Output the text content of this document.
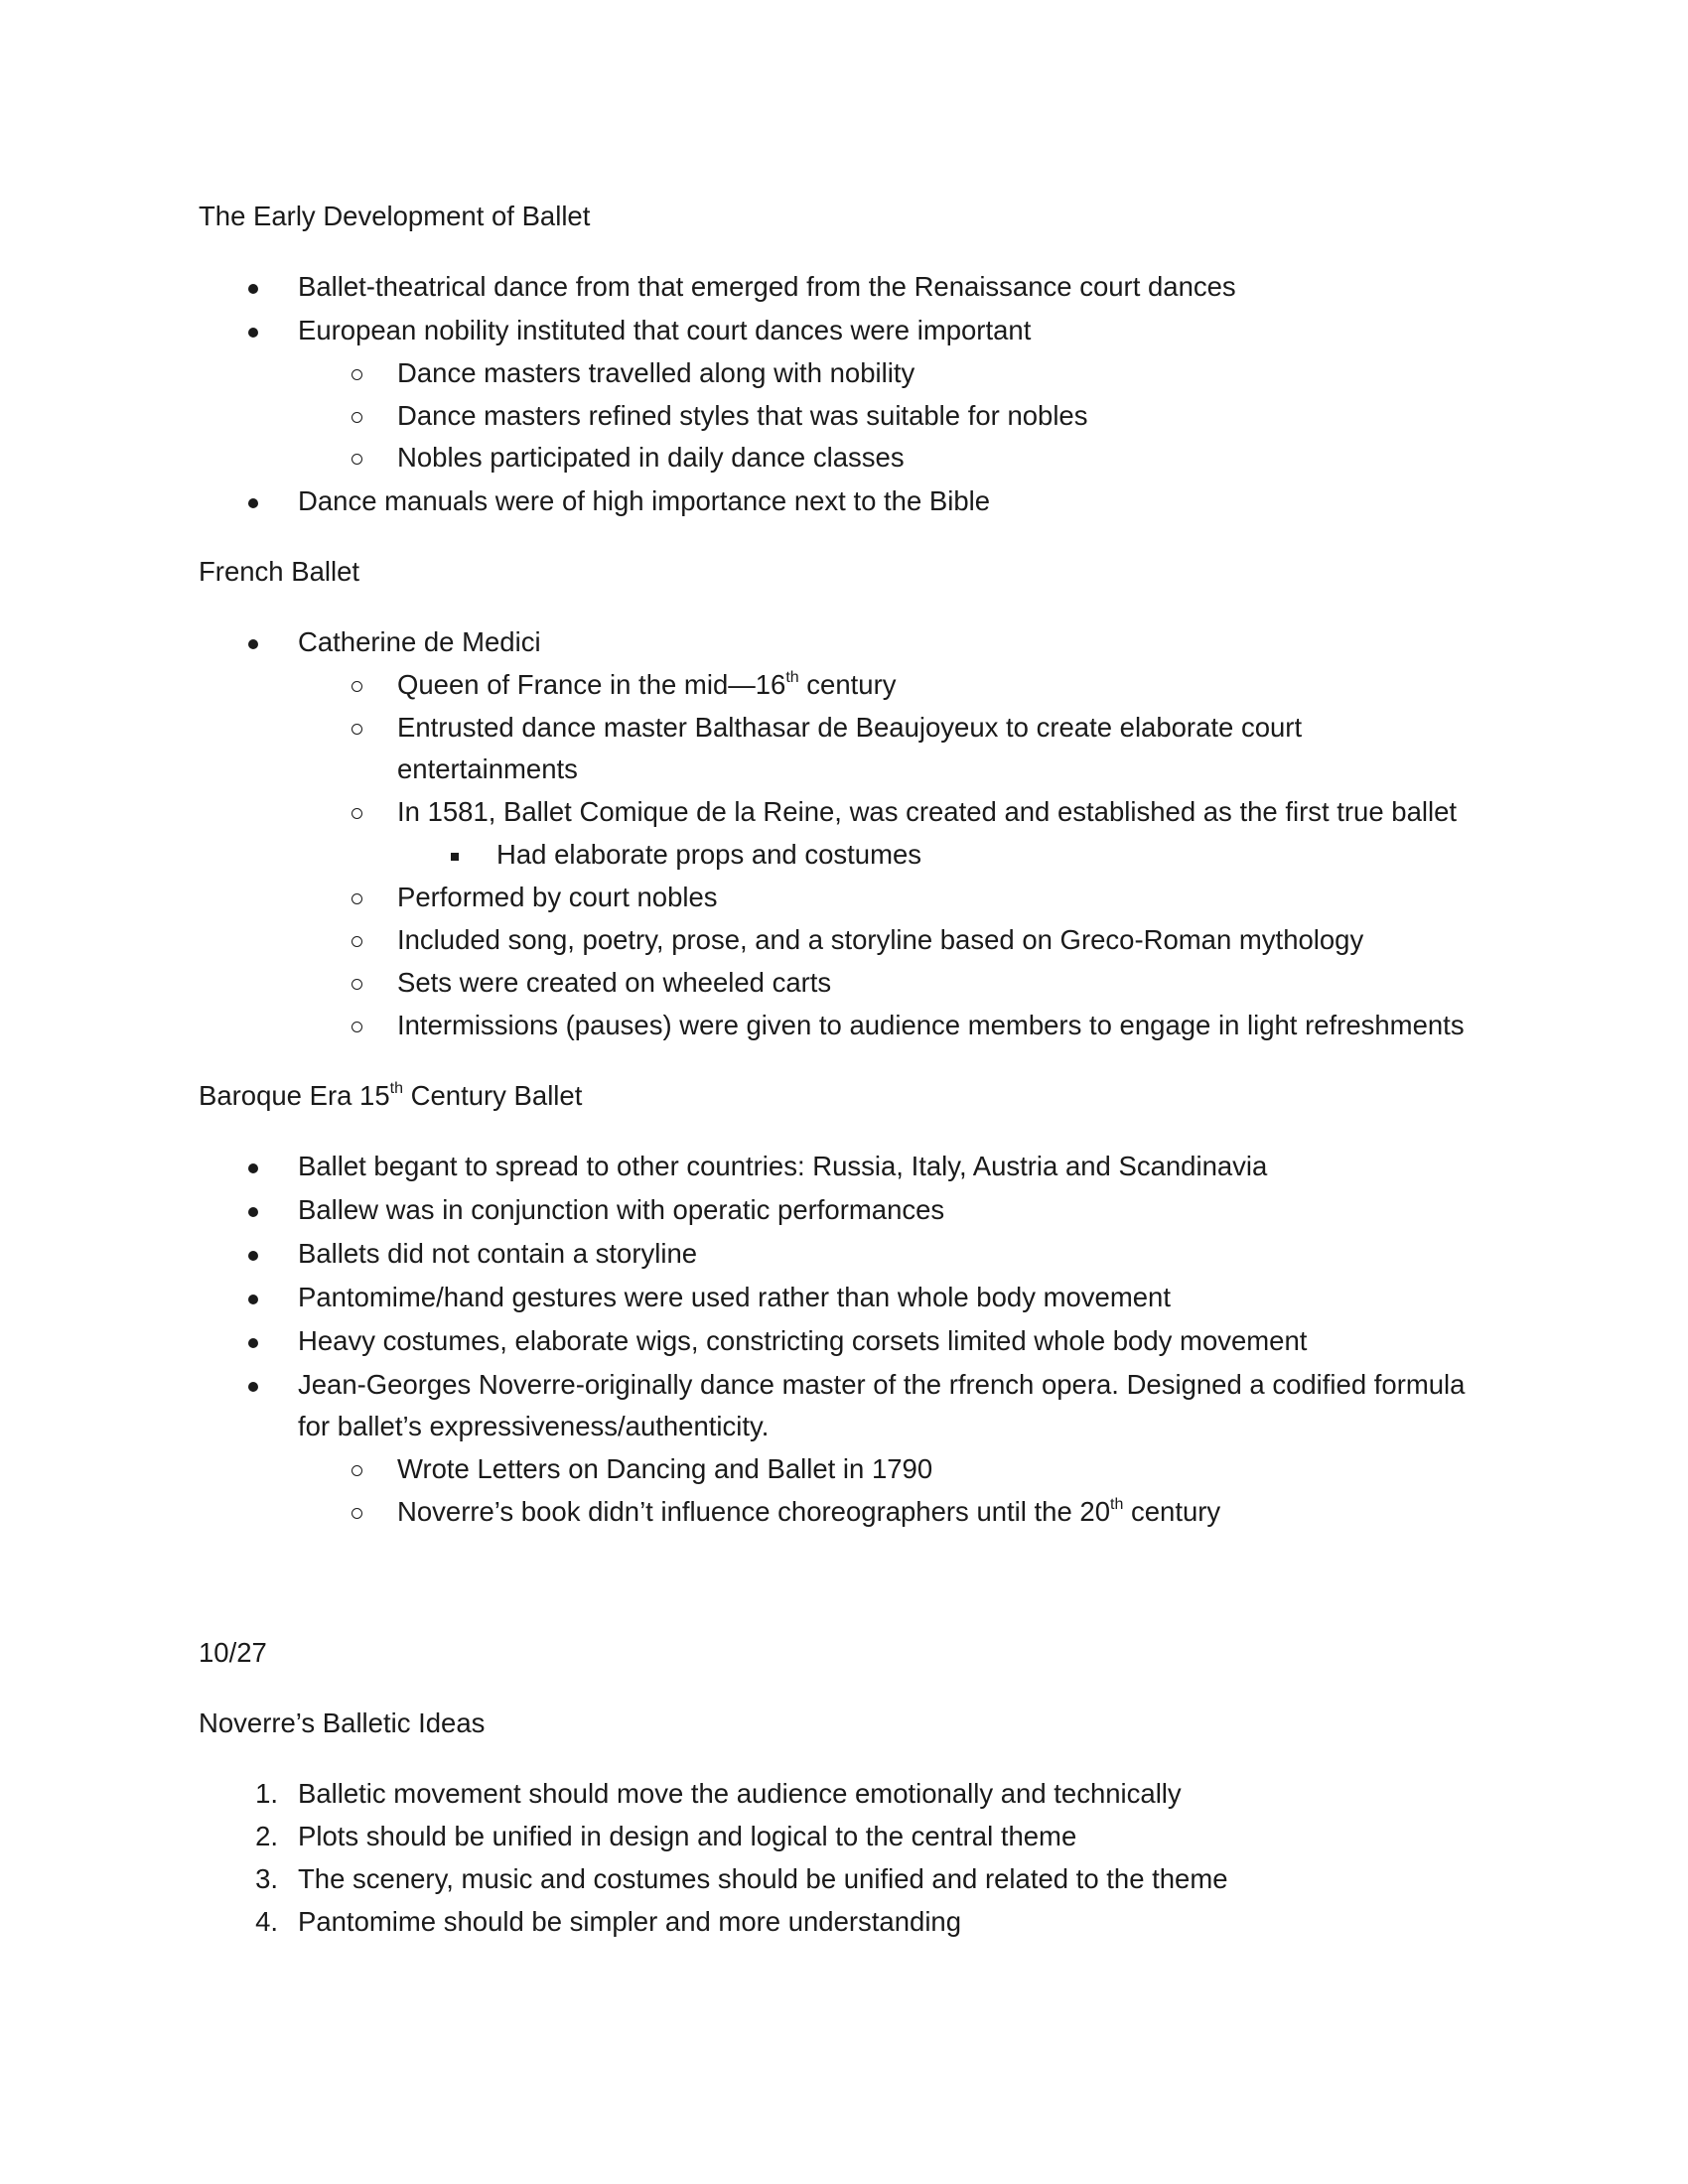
The Early Development of Ballet
Ballet-theatrical dance from that emerged from the Renaissance court dances
European nobility instituted that court dances were important
Dance masters travelled along with nobility
Dance masters refined styles that was suitable for nobles
Nobles participated in daily dance classes
Dance manuals were of high importance next to the Bible
French Ballet
Catherine de Medici
Queen of France in the mid—16th century
Entrusted dance master Balthasar de Beaujoyeux to create elaborate court
entertainments
In 1581, Ballet Comique de la Reine, was created and established as the first true ballet
Had elaborate props and costumes
Performed by court nobles
Included song, poetry, prose, and a storyline based on Greco-Roman mythology
Sets were created on wheeled carts
Intermissions (pauses) were given to audience members to engage in light refreshments
Baroque Era 15th Century Ballet
Ballet begant to spread to other countries: Russia, Italy, Austria and Scandinavia
Ballew was in conjunction with operatic performances
Ballets did not contain a storyline
Pantomime/hand gestures were used rather than whole body movement
Heavy costumes, elaborate wigs, constricting corsets limited whole body movement
Jean-Georges Noverre-originally dance master of the rfrench opera. Designed a codified formula
for ballet’s expressiveness/authenticity.
Wrote Letters on Dancing and Ballet in 1790
Noverre’s book didn’t influence choreographers until the 20th century
10/27
Noverre’s Balletic Ideas
1. Balletic movement should move the audience emotionally and technically
2. Plots should be unified in design and logical to the central theme
3. The scenery, music and costumes should be unified and related to the theme
4. Pantomime should be simpler and more understanding
